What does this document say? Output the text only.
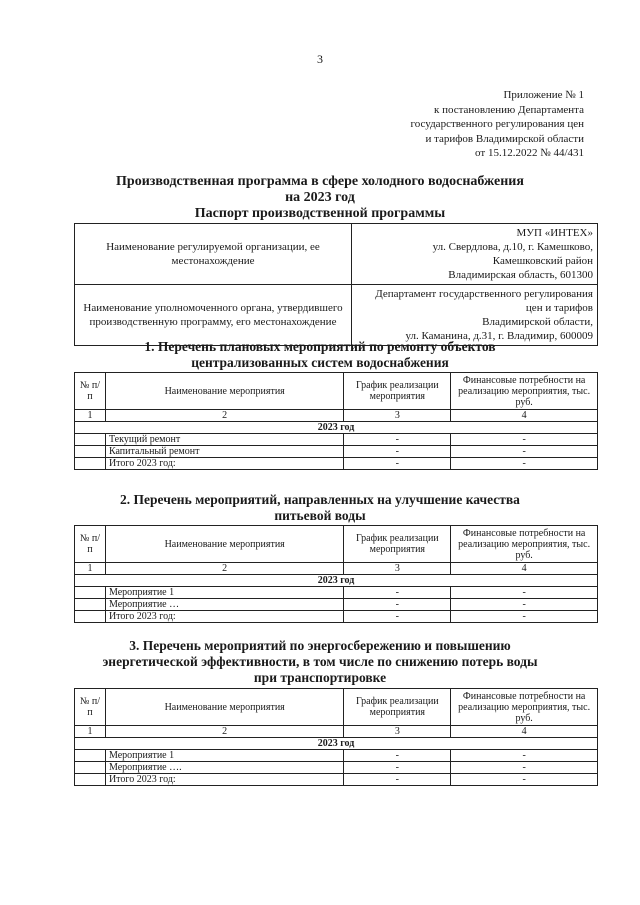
3
Приложение № 1
к постановлению Департамента
государственного регулирования цен
и тарифов Владимирской области
от 15.12.2022 № 44/431
Производственная программа в сфере холодного водоснабжения
на 2023 год
Паспорт производственной программы
Наименование регулируемой организации, ее местонахождение	МУП «ИНТЕХ»
ул. Свердлова, д.10, г. Камешково,
Камешковский район
Владимирская область, 601300

Наименование уполномоченного органа, утвердившего производственную программу, его местонахождение	Департамент государственного регулирования
цен и тарифов
Владимирской области,
ул. Каманина, д.31, г. Владимир, 600009
1. Перечень плановых мероприятий по ремонту объектов
централизованных систем водоснабжения
№ п/п	Наименование мероприятия	График реализации мероприятия	Финансовые потребности на реализацию мероприятия, тыс. руб.
1	2	3	4
2023 год			
	Текущий ремонт	-	-
	Капитальный ремонт	-	-
	Итого 2023 год:	-	-
2. Перечень мероприятий, направленных на улучшение качества
питьевой воды
№ п/п	Наименование мероприятия	График реализации мероприятия	Финансовые потребности на реализацию мероприятия, тыс. руб.
1	2	3	4
2023 год			
	Мероприятие 1	-	-
	Мероприятие …	-	-
	Итого 2023 год:	-	-
3. Перечень мероприятий по энергосбережению и повышению
энергетической эффективности, в том числе по снижению потерь воды
при транспортировке
№ п/п	Наименование мероприятия	График реализации мероприятия	Финансовые потребности на реализацию мероприятия, тыс. руб.
1	2	3	4
2023 год			
	Мероприятие 1	-	-
	Мероприятие ….	-	-
	Итого 2023 год:	-	-
